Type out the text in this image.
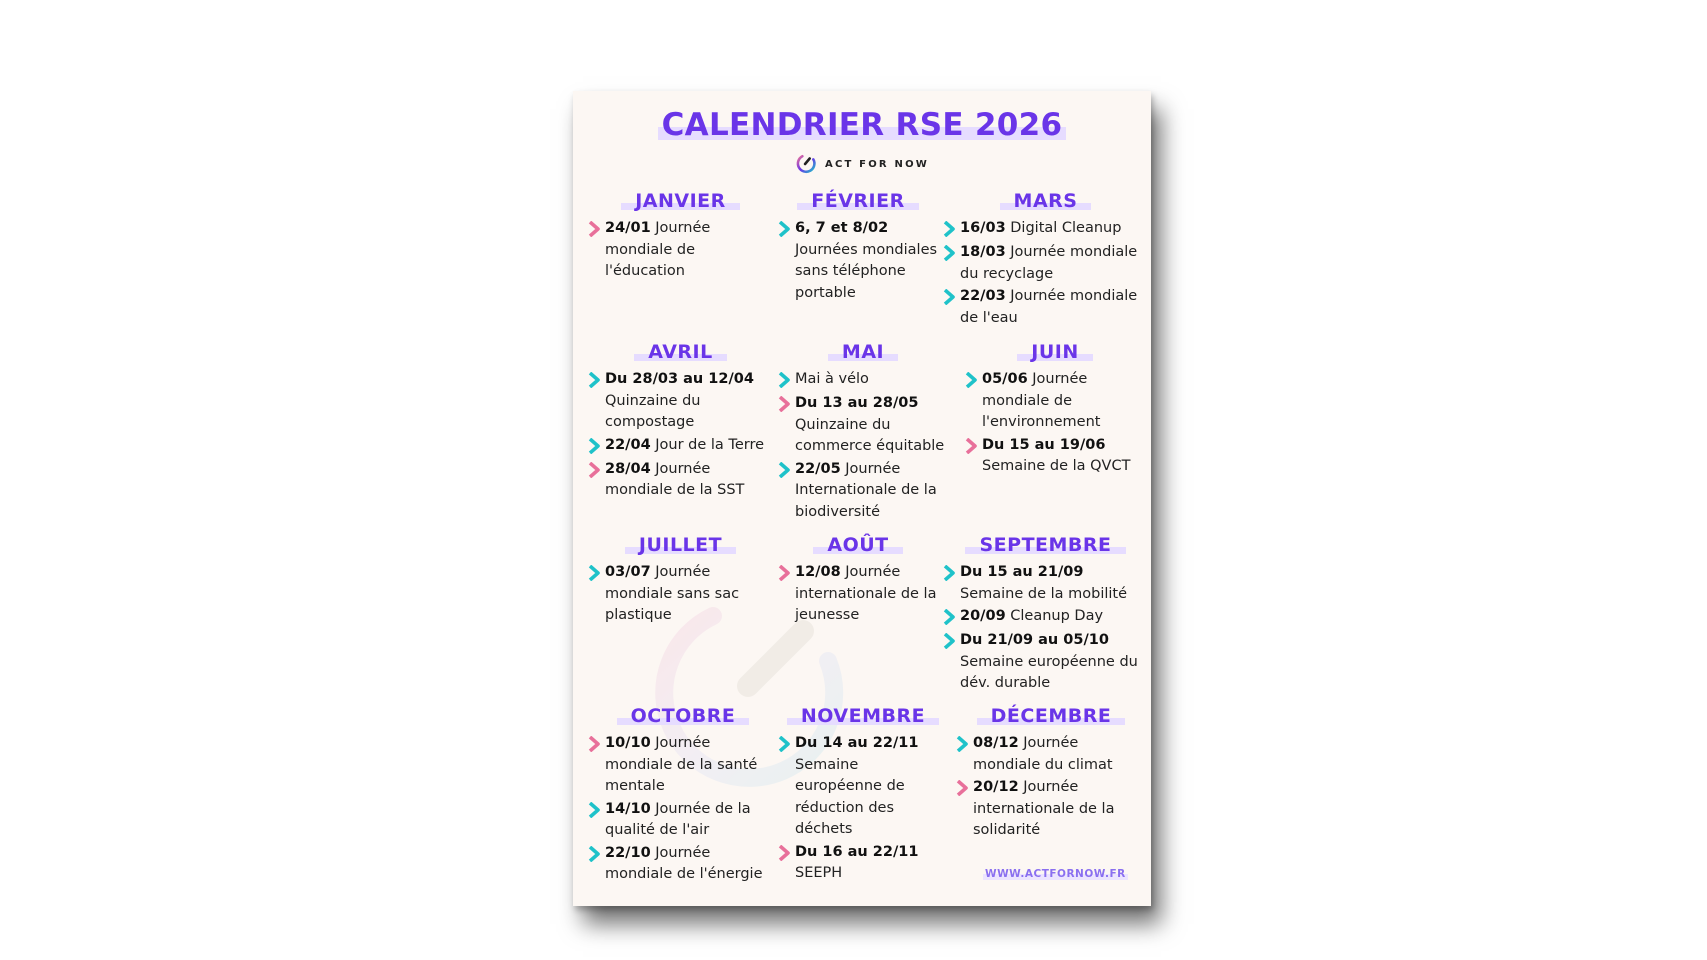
CALENDRIER RSE 2026
ACT FOR NOW
JANVIER
24/01 Journée mondiale de l'éducation
FÉVRIER
6, 7 et 8/02 Journées mondiales sans téléphone portable
MARS
16/03 Digital Cleanup
18/03 Journée mondiale du recyclage
22/03 Journée mondiale de l'eau
AVRIL
Du 28/03 au 12/04 Quinzaine du compostage
22/04 Jour de la Terre
28/04 Journée mondiale de la SST
MAI
Mai à vélo
Du 13 au 28/05 Quinzaine du commerce équitable
22/05 Journée Internationale de la biodiversité
JUIN
05/06 Journée mondiale de l'environnement
Du 15 au 19/06 Semaine de la QVCT
JUILLET
03/07 Journée mondiale sans sac plastique
AOÛT
12/08 Journée internationale de la jeunesse
SEPTEMBRE
Du 15 au 21/09 Semaine de la mobilité
20/09 Cleanup Day
Du 21/09 au 05/10 Semaine européenne du dév. durable
OCTOBRE
10/10 Journée mondiale de la santé mentale
14/10 Journée de la qualité de l'air
22/10 Journée mondiale de l'énergie
NOVEMBRE
Du 14 au 22/11 Semaine européenne de réduction des déchets
Du 16 au 22/11 SEEPH
DÉCEMBRE
08/12 Journée mondiale du climat
20/12 Journée internationale de la solidarité
WWW.ACTFORNOW.FR
